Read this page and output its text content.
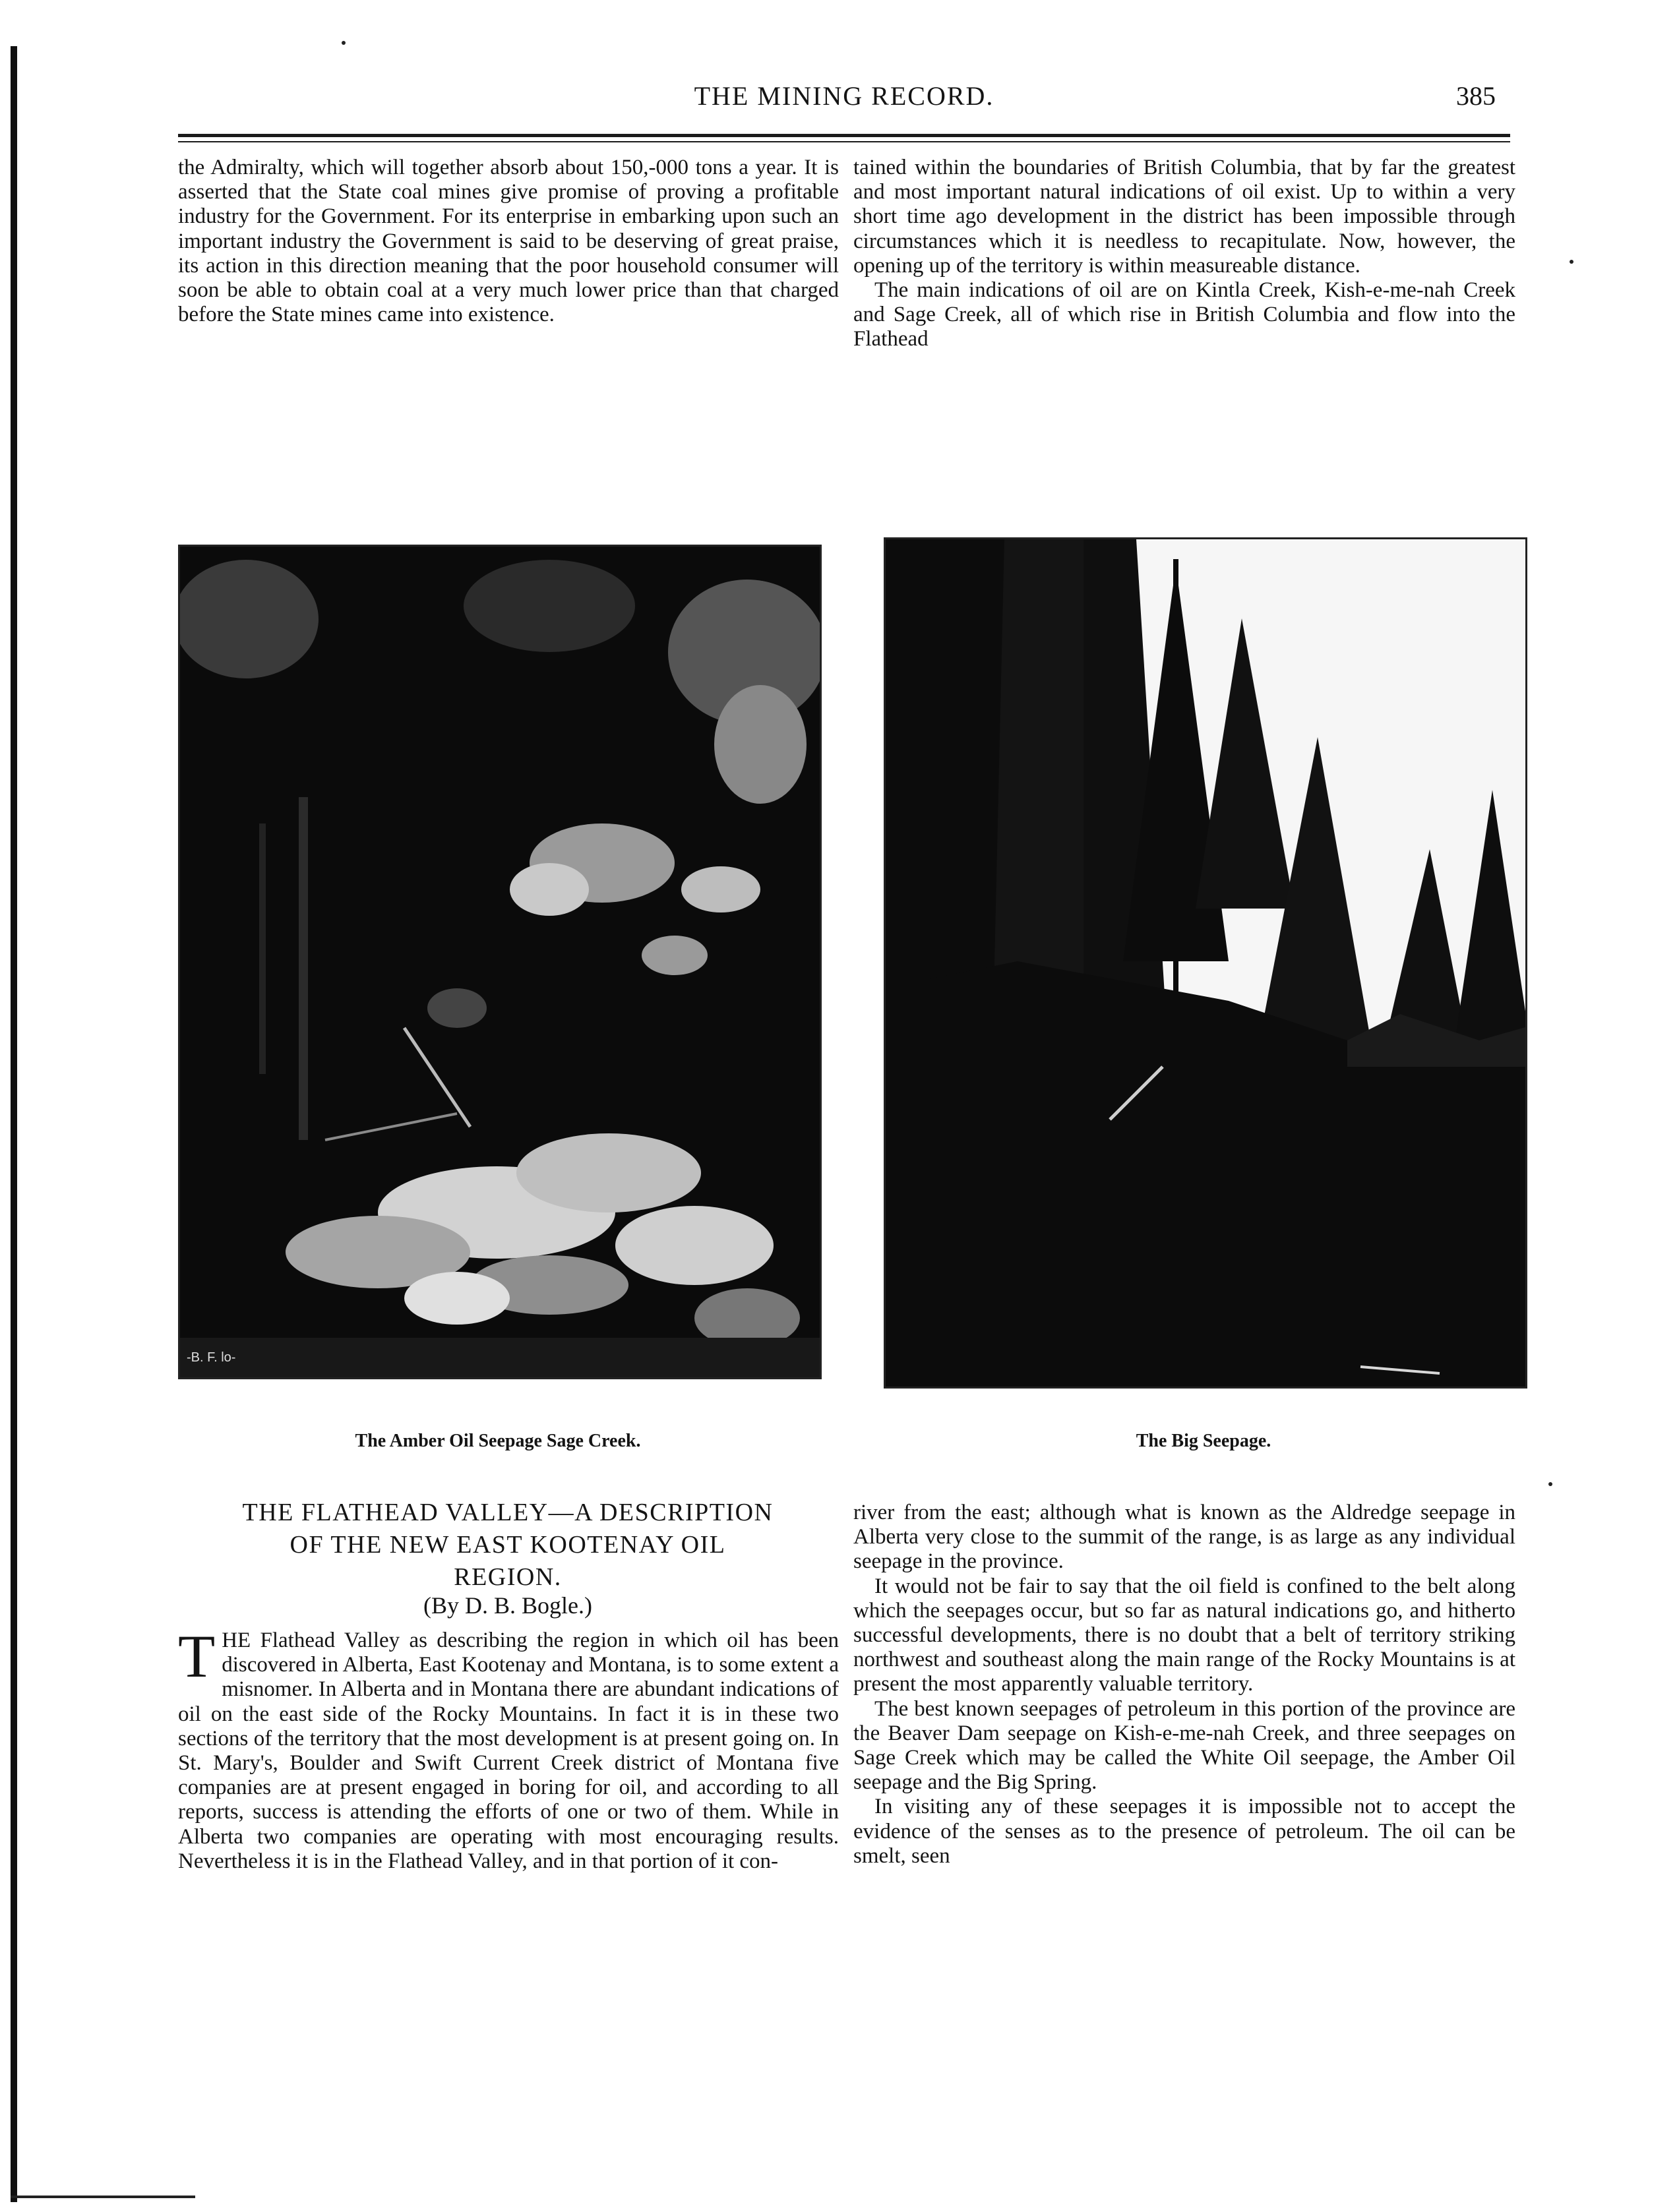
THE MINING RECORD.	385

the Admiralty, which will together absorb about 150,-000 tons a year. It is asserted that the State coal mines give promise of proving a profitable industry for the Government. For its enterprise in embarking upon such an important industry the Government is said to be deserving of great praise, its action in this direction meaning that the poor household consumer will soon be able to obtain coal at a very much lower price than that charged before the State mines came into existence.

tained within the boundaries of British Columbia, that by far the greatest and most important natural indications of oil exist. Up to within a very short time ago development in the district has been impossible through circumstances which it is needless to recapitulate. Now, however, the opening up of the territory is within measureable distance.

The main indications of oil are on Kintla Creek, Kish-e-me-nah Creek and Sage Creek, all of which rise in British Columbia and flow into the Flathead

-B. F. lo-
The Amber Oil Seepage Sage Creek.	The Big Seepage.
THE FLATHEAD VALLEY—A DESCRIPTION
OF THE NEW EAST KOOTENAY OIL
REGION.
(By D. B. Bogle.)
T HE Flathead Valley as describing the region in which oil has been discovered in Alberta, East Kootenay and Montana, is to some extent a misnomer. In Alberta and in Montana there are abundant indications of oil on the east side of the Rocky Mountains. In fact it is in these two sections of the territory that the most development is at present going on. In St. Mary's, Boulder and Swift Current Creek district of Montana five companies are at present engaged in boring for oil, and according to all reports, success is attending the efforts of one or two of them. While in Alberta two companies are operating with most encouraging results. Nevertheless it is in the Flathead Valley, and in that portion of it con-

river from the east; although what is known as the Aldredge seepage in Alberta very close to the summit of the range, is as large as any individual seepage in the province.

It would not be fair to say that the oil field is confined to the belt along which the seepages occur, but so far as natural indications go, and hitherto successful developments, there is no doubt that a belt of territory striking northwest and southeast along the main range of the Rocky Mountains is at present the most apparently valuable territory.

The best known seepages of petroleum in this portion of the province are the Beaver Dam seepage on Kish-e-me-nah Creek, and three seepages on Sage Creek which may be called the White Oil seepage, the Amber Oil seepage and the Big Spring.

In visiting any of these seepages it is impossible not to accept the evidence of the senses as to the presence of petroleum. The oil can be smelt, seen
